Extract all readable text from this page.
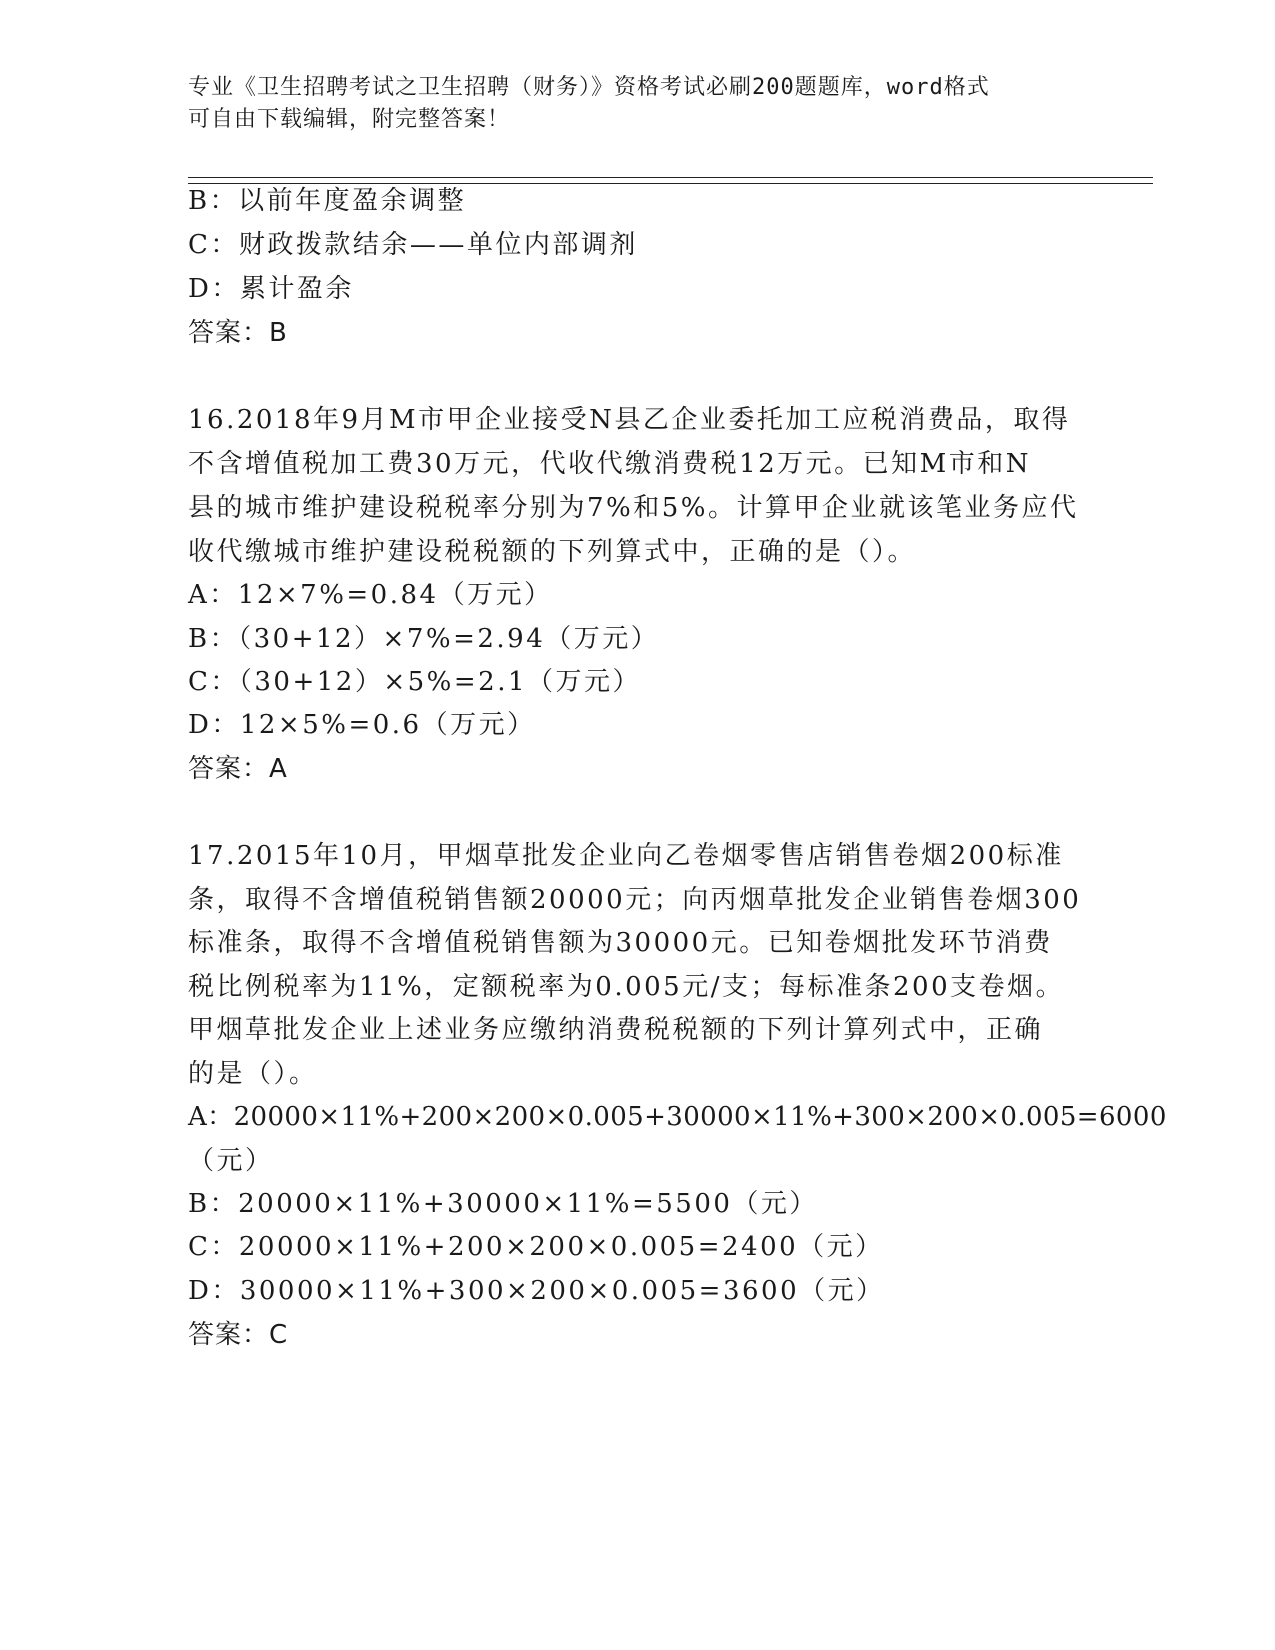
专业《卫生招聘考试之卫生招聘（财务）》资格考试必刷200题题库，word格式
可自由下载编辑，附完整答案！
B：以前年度盈余调整
C：财政拨款结余——单位内部调剂
D：累计盈余
答案：B
16.2018年9月M市甲企业接受N县乙企业委托加工应税消费品，取得
不含增值税加工费30万元，代收代缴消费税12万元。已知M市和N
县的城市维护建设税税率分别为7%和5%。计算甲企业就该笔业务应代
收代缴城市维护建设税税额的下列算式中，正确的是（）。
A：12×7%=0.84（万元）
B：（30+12）×7%=2.94（万元）
C：（30+12）×5%=2.1（万元）
D：12×5%=0.6（万元）
答案：A
17.2015年10月，甲烟草批发企业向乙卷烟零售店销售卷烟200标准
条，取得不含增值税销售额20000元；向丙烟草批发企业销售卷烟300
标准条，取得不含增值税销售额为30000元。已知卷烟批发环节消费
税比例税率为11%，定额税率为0.005元/支；每标准条200支卷烟。
甲烟草批发企业上述业务应缴纳消费税税额的下列计算列式中，正确
的是（）。
A：20000×11%+200×200×0.005+30000×11%+300×200×0.005=6000
（元）
B：20000×11%+30000×11%=5500（元）
C：20000×11%+200×200×0.005=2400（元）
D：30000×11%+300×200×0.005=3600（元）
答案：C
